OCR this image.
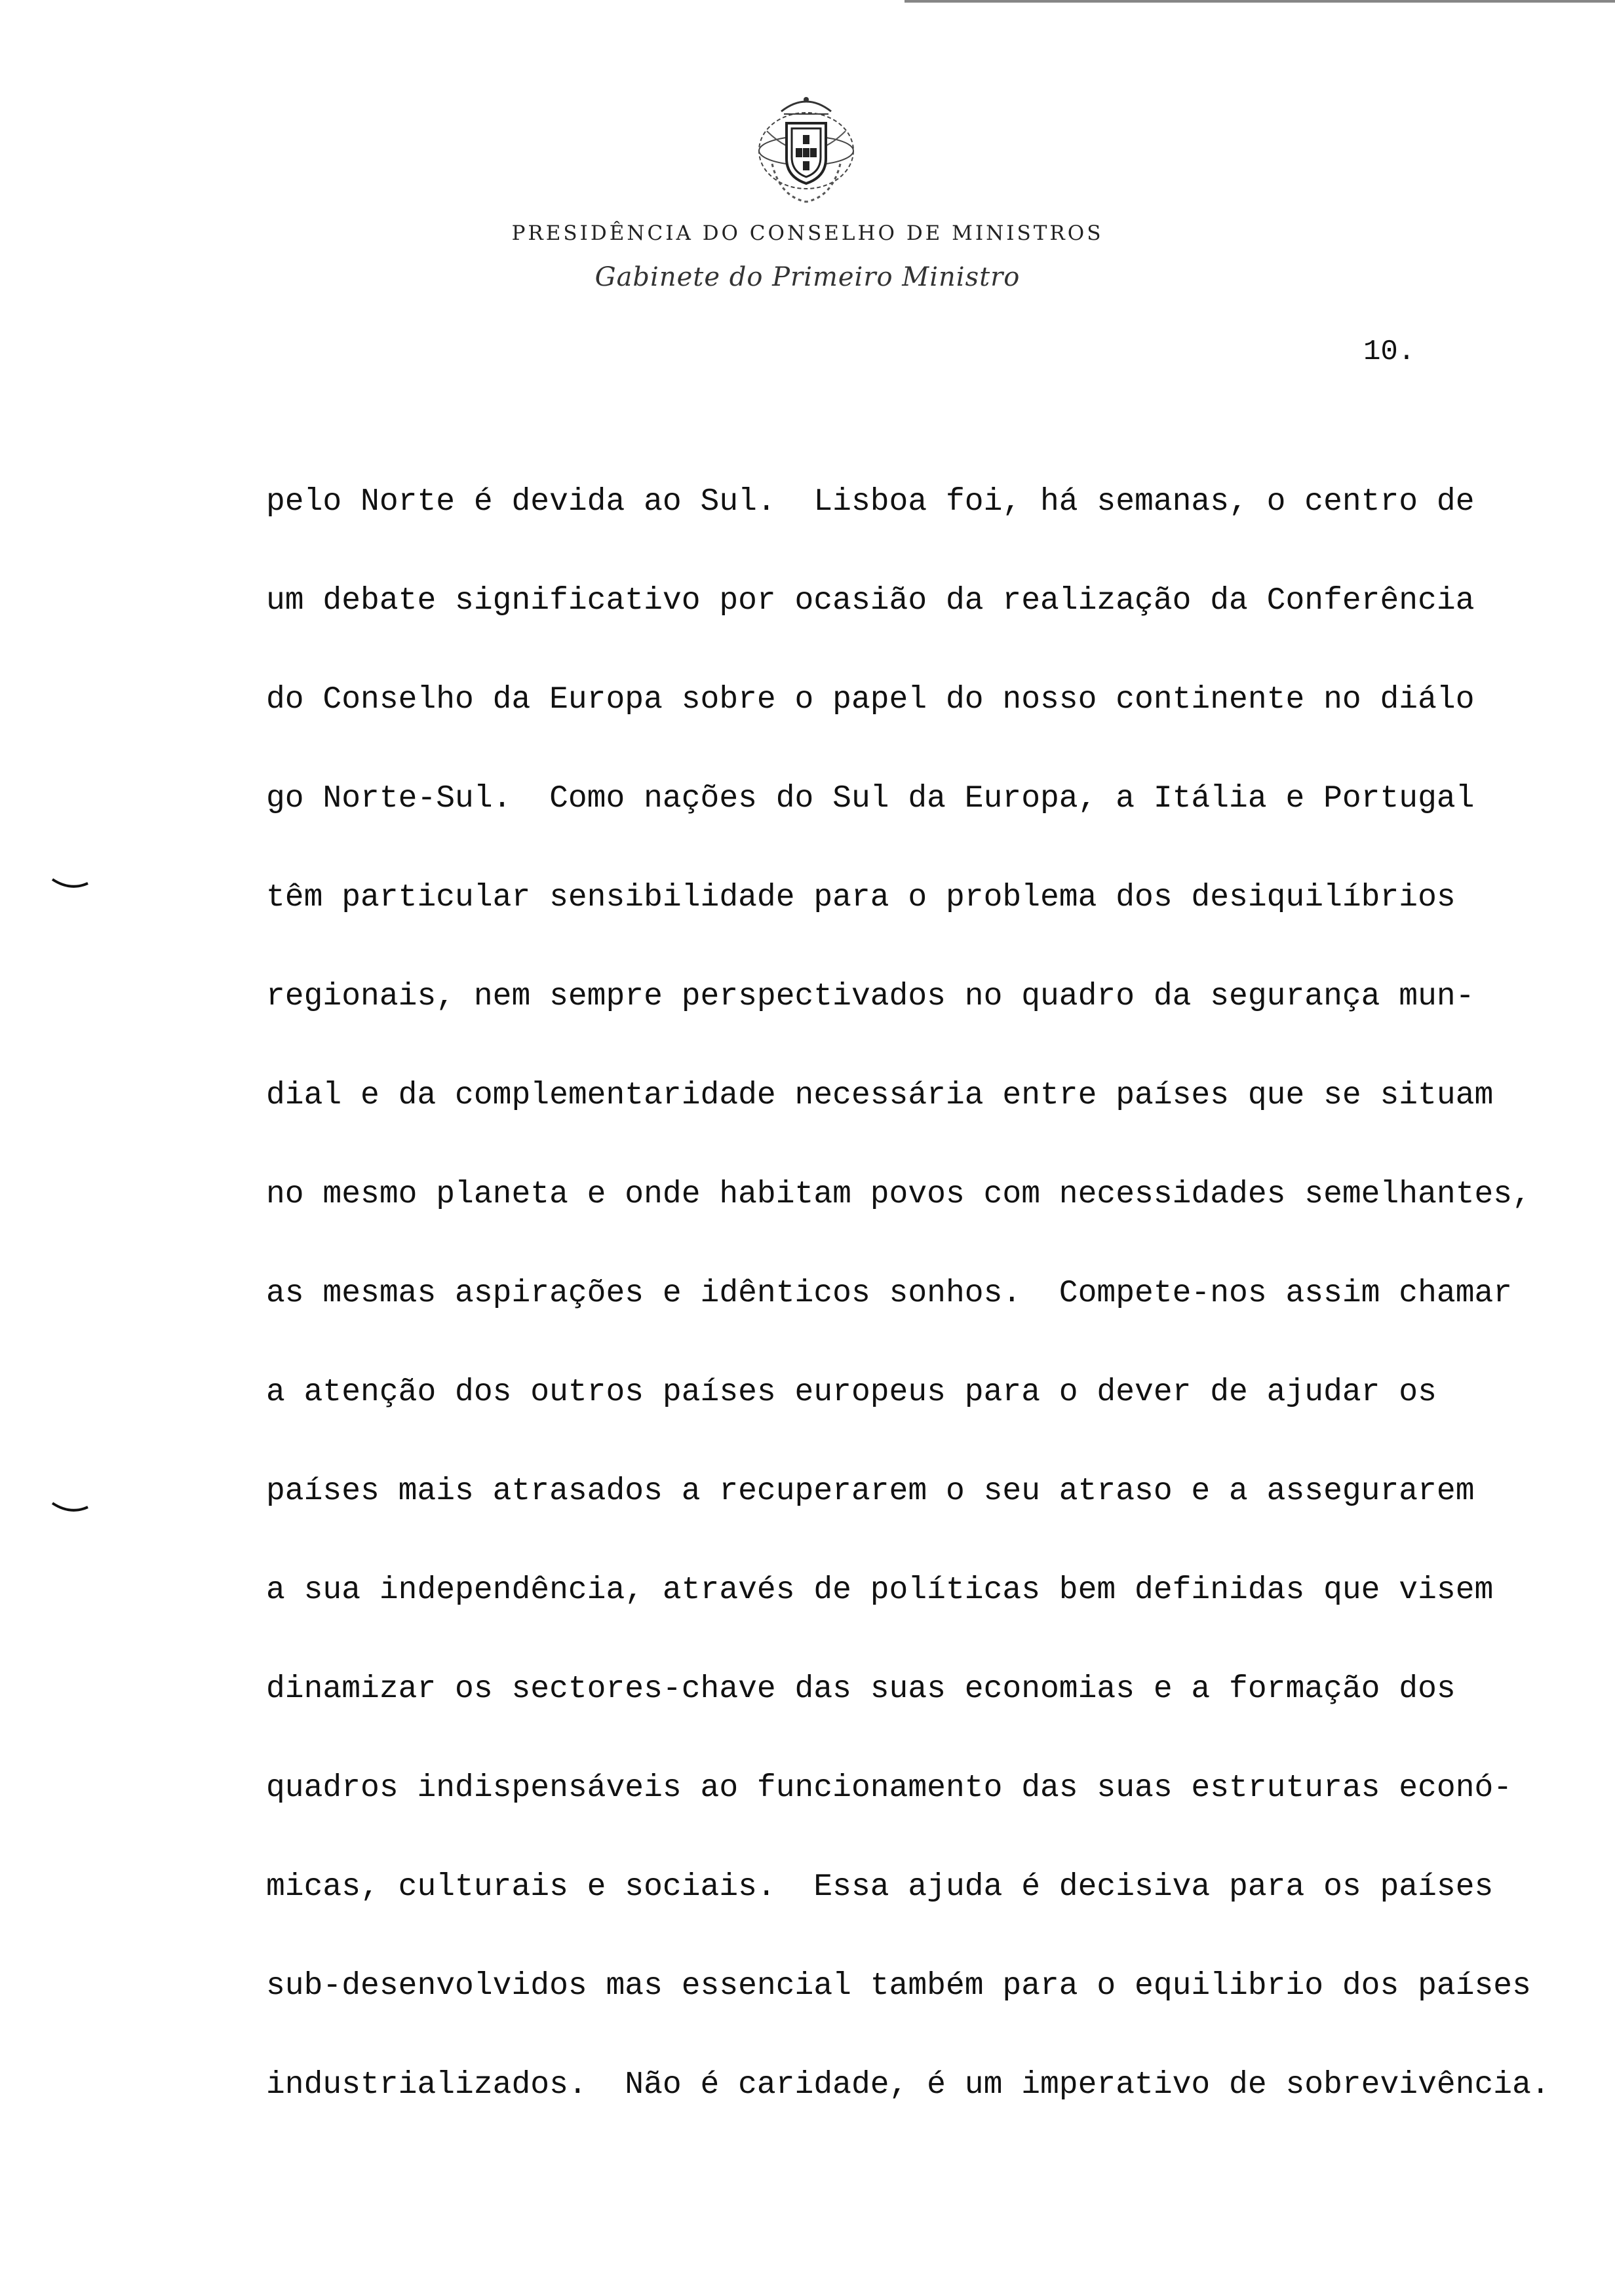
PRESIDÊNCIA DO CONSELHO DE MINISTROS
Gabinete do Primeiro Ministro
10.
pelo Norte é devida ao Sul.  Lisboa foi, há semanas, o centro de
um debate significativo por ocasião da realização da Conferência
do Conselho da Europa sobre o papel do nosso continente no diálo
go Norte-Sul.  Como nações do Sul da Europa, a Itália e Portugal
têm particular sensibilidade para o problema dos desiquilíbrios
regionais, nem sempre perspectivados no quadro da segurança mun-
dial e da complementaridade necessária entre países que se situam
no mesmo planeta e onde habitam povos com necessidades semelhantes,
as mesmas aspirações e idênticos sonhos.  Compete-nos assim chamar
a atenção dos outros países europeus para o dever de ajudar os
países mais atrasados a recuperarem o seu atraso e a assegurarem
a sua independência, através de políticas bem definidas que visem
dinamizar os sectores-chave das suas economias e a formação dos
quadros indispensáveis ao funcionamento das suas estruturas econó-
micas, culturais e sociais.  Essa ajuda é decisiva para os países
sub-desenvolvidos mas essencial também para o equilibrio dos países
industrializados.  Não é caridade, é um imperativo de sobrevivência.
